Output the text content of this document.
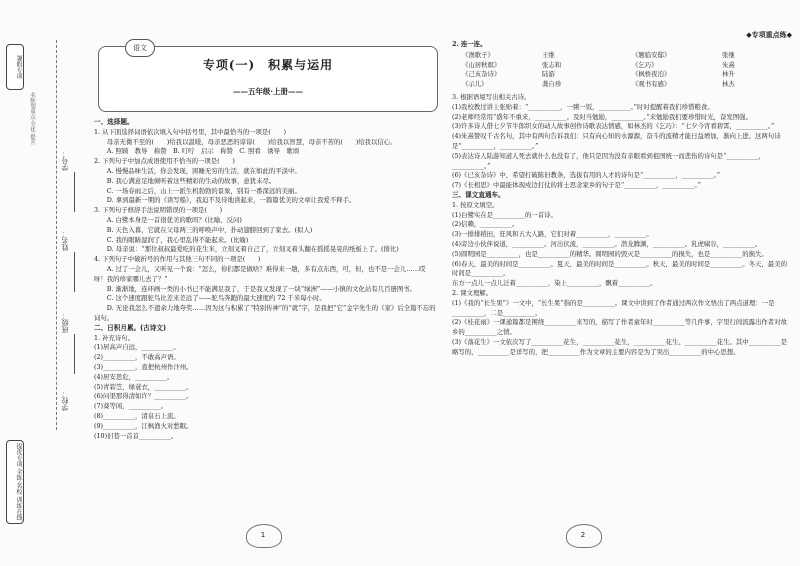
暑假专项
名师划重点·全优·提升
提优专项 全练·名校 训练在线
学号：
姓名：
班级：
学校：
◆专项重点练◆
语文
专项(一)　积累与运用
——五年级·上册——
一、选择题。
1. 从下面选择词语依次填入句中括号里，其中最恰当的一项是(　　)
　　母亲无微不至的(　　)给我以温暖，母亲恶恶的谆谆(　　)给我以智慧，母亲不苦的(　　)给我以信心。
　　A. 照顾　教导　称赞　B. 叮咛　启示　称赞　C. 照看　诱导　歌颂
2. 下列句子中加点成语使用不恰当的一项是(　　)
　　A. 慢慢品味生活，你会发现，困睡无穷的生活，就在如此的平淡中。
　　B. 我心满意足地倾听着这些精彩的生动的故事，意犹未尽。
　　C. 一场春雨之后，山上一派生机勃勃的景象，别有一番深远的美丽。
　　D. 拿到最新一期的《读写船》，我迫不及待地读起来，一篇篇优美的文章让我爱不释手。
3. 下列句子修辞手法说明错误的一项是(　　)
　　A. 白鹭本身是一首很优美的歌吗？(比喻、反问)
　　B. 天色入暮，它就在父母两三的呼唤声中，扑动翅膀回到了家去。(拟人)
　　C. 我的眼睛湿润了，我心里乱得不能起来。(比喻)
　　D. 母亲说：“那位叔叔最爱吃的花生米，立刻叉着自己了，立刻叉着头翻在摇摇晃晃的纸板上了。(排比)
4. 下列句子中破折号的作用与其他三句不同的一项是(　　)
　　A. 过了一会儿，又听见一个说：“怎么，你们都是做啥？难得来一趟，多有点东西，可，但，也不是一会儿……哎呀！我的珍家哪儿去了？”
　　B. 渐渐地，连环画一类的小书已不能满足我了，于是我又发现了一块“绿洲”——小镇的文化站有几百册图书。
　　C. 这个速度跟驼鸟比差来差远了——驼鸟奔跑的最大速度约 72 千米每小时。
　　D. 无论我怎么不遗余力地夸奖……因为这与积累了“特别传神”的“就”字，是我把“它”金字先生的《家》后全篇不忘的词句。
二、日积月累。(古诗文)
1. 补充诗句。
(1)居高声自远，__________。
(2)__________，不敢高声语。
(3)__________，直把杭州作汴州。
(4)居安思危，__________。
(5)青箬笠，绿蓑衣，__________。
(6)问渠那得清如许？__________。
(7)葵等闲，__________。
(8)__________，清泉石上流。
(9)__________，江枫渔火对愁眠。
(10)旧巷一首首__________。
2. 连一连。
《渔歌子》
《山居秋暝》
《己亥杂诗》
《示儿》
王维
张志和
陆游
龚自珍
《题临安邸》
《乞巧》
《枫桥夜泊》
《观书有感》
张继
朱熹
林升
林杰
3. 根据语境写出相关古诗。
(1)我校教过讲上张贴着：“__________，一粥一饭，__________。”时时提醒着我们珍惜粮食。
(2)老师经常用“盛年不重来，__________。及时当勉励，__________。”来勉励我们要珍惜时光，奋发图强。
(3)许多诗人借七夕节牛郎织女的动人故事创作诗歌表达情感，如林杰的《乞巧》：“七夕今宵看碧霄，__________。”
(4)朱熹赞叹千古名句，其中有两句告诉我们：只有向心知的水源源，奋斗的流精才能日益增加，渐向上进。这两句诗是“__________，__________。”
(5)表达诗人陆游知道人死去就什么也没有了，他只是因为没有亲眼看到祖国统一而悲伤的诗句是“__________，__________。”
(6)《已亥杂诗》中，希望打破陈旧教条，选拔有用的人才的诗句是“__________，__________。”
(7)《长相思》中最能体现戍边打仗的将士思念家乡的句子是“__________，__________。”
三、课文直通车。
1. 按原文填空。
(1)白鹭实在是__________的一首诗。
(2)信赖，__________。
(3)一排排稻田，狂风和五大人路，它们对着__________，__________。
(4)旁边小伙伴说道，__________。河出伏流，__________。潜龙腾渊，__________。乳虎啸谷，__________。
(5)圆明园是__________，也是__________的精华。圆明园的毁灭是__________的损失，也是__________的损失。
(6)春天，最美的时间是__________。夏天，最美的时间是__________。秋天，最美的时间是__________。冬天，最美的时间是__________。
东方一点儿一点儿泛着__________，染上__________，飘着__________。
2. 课文理解。
(1)《我的“长生果”》一文中，“长生果”指的是__________。课文中讲到了作者通过两次作文悟出了两点道理：一是__________，二是__________。
(2)《桂花雨》一课通篇都是围绕__________来写的，描写了作者童年时__________等几件事，字里行间流露出作者对故乡的__________之情。
(3)《落花生》一文依次写了__________花生，__________花生，__________花生、__________花生。其中__________是略写的，__________是详写的，把__________作为文章的主要内容是为了突出__________的中心思想。
1	2
